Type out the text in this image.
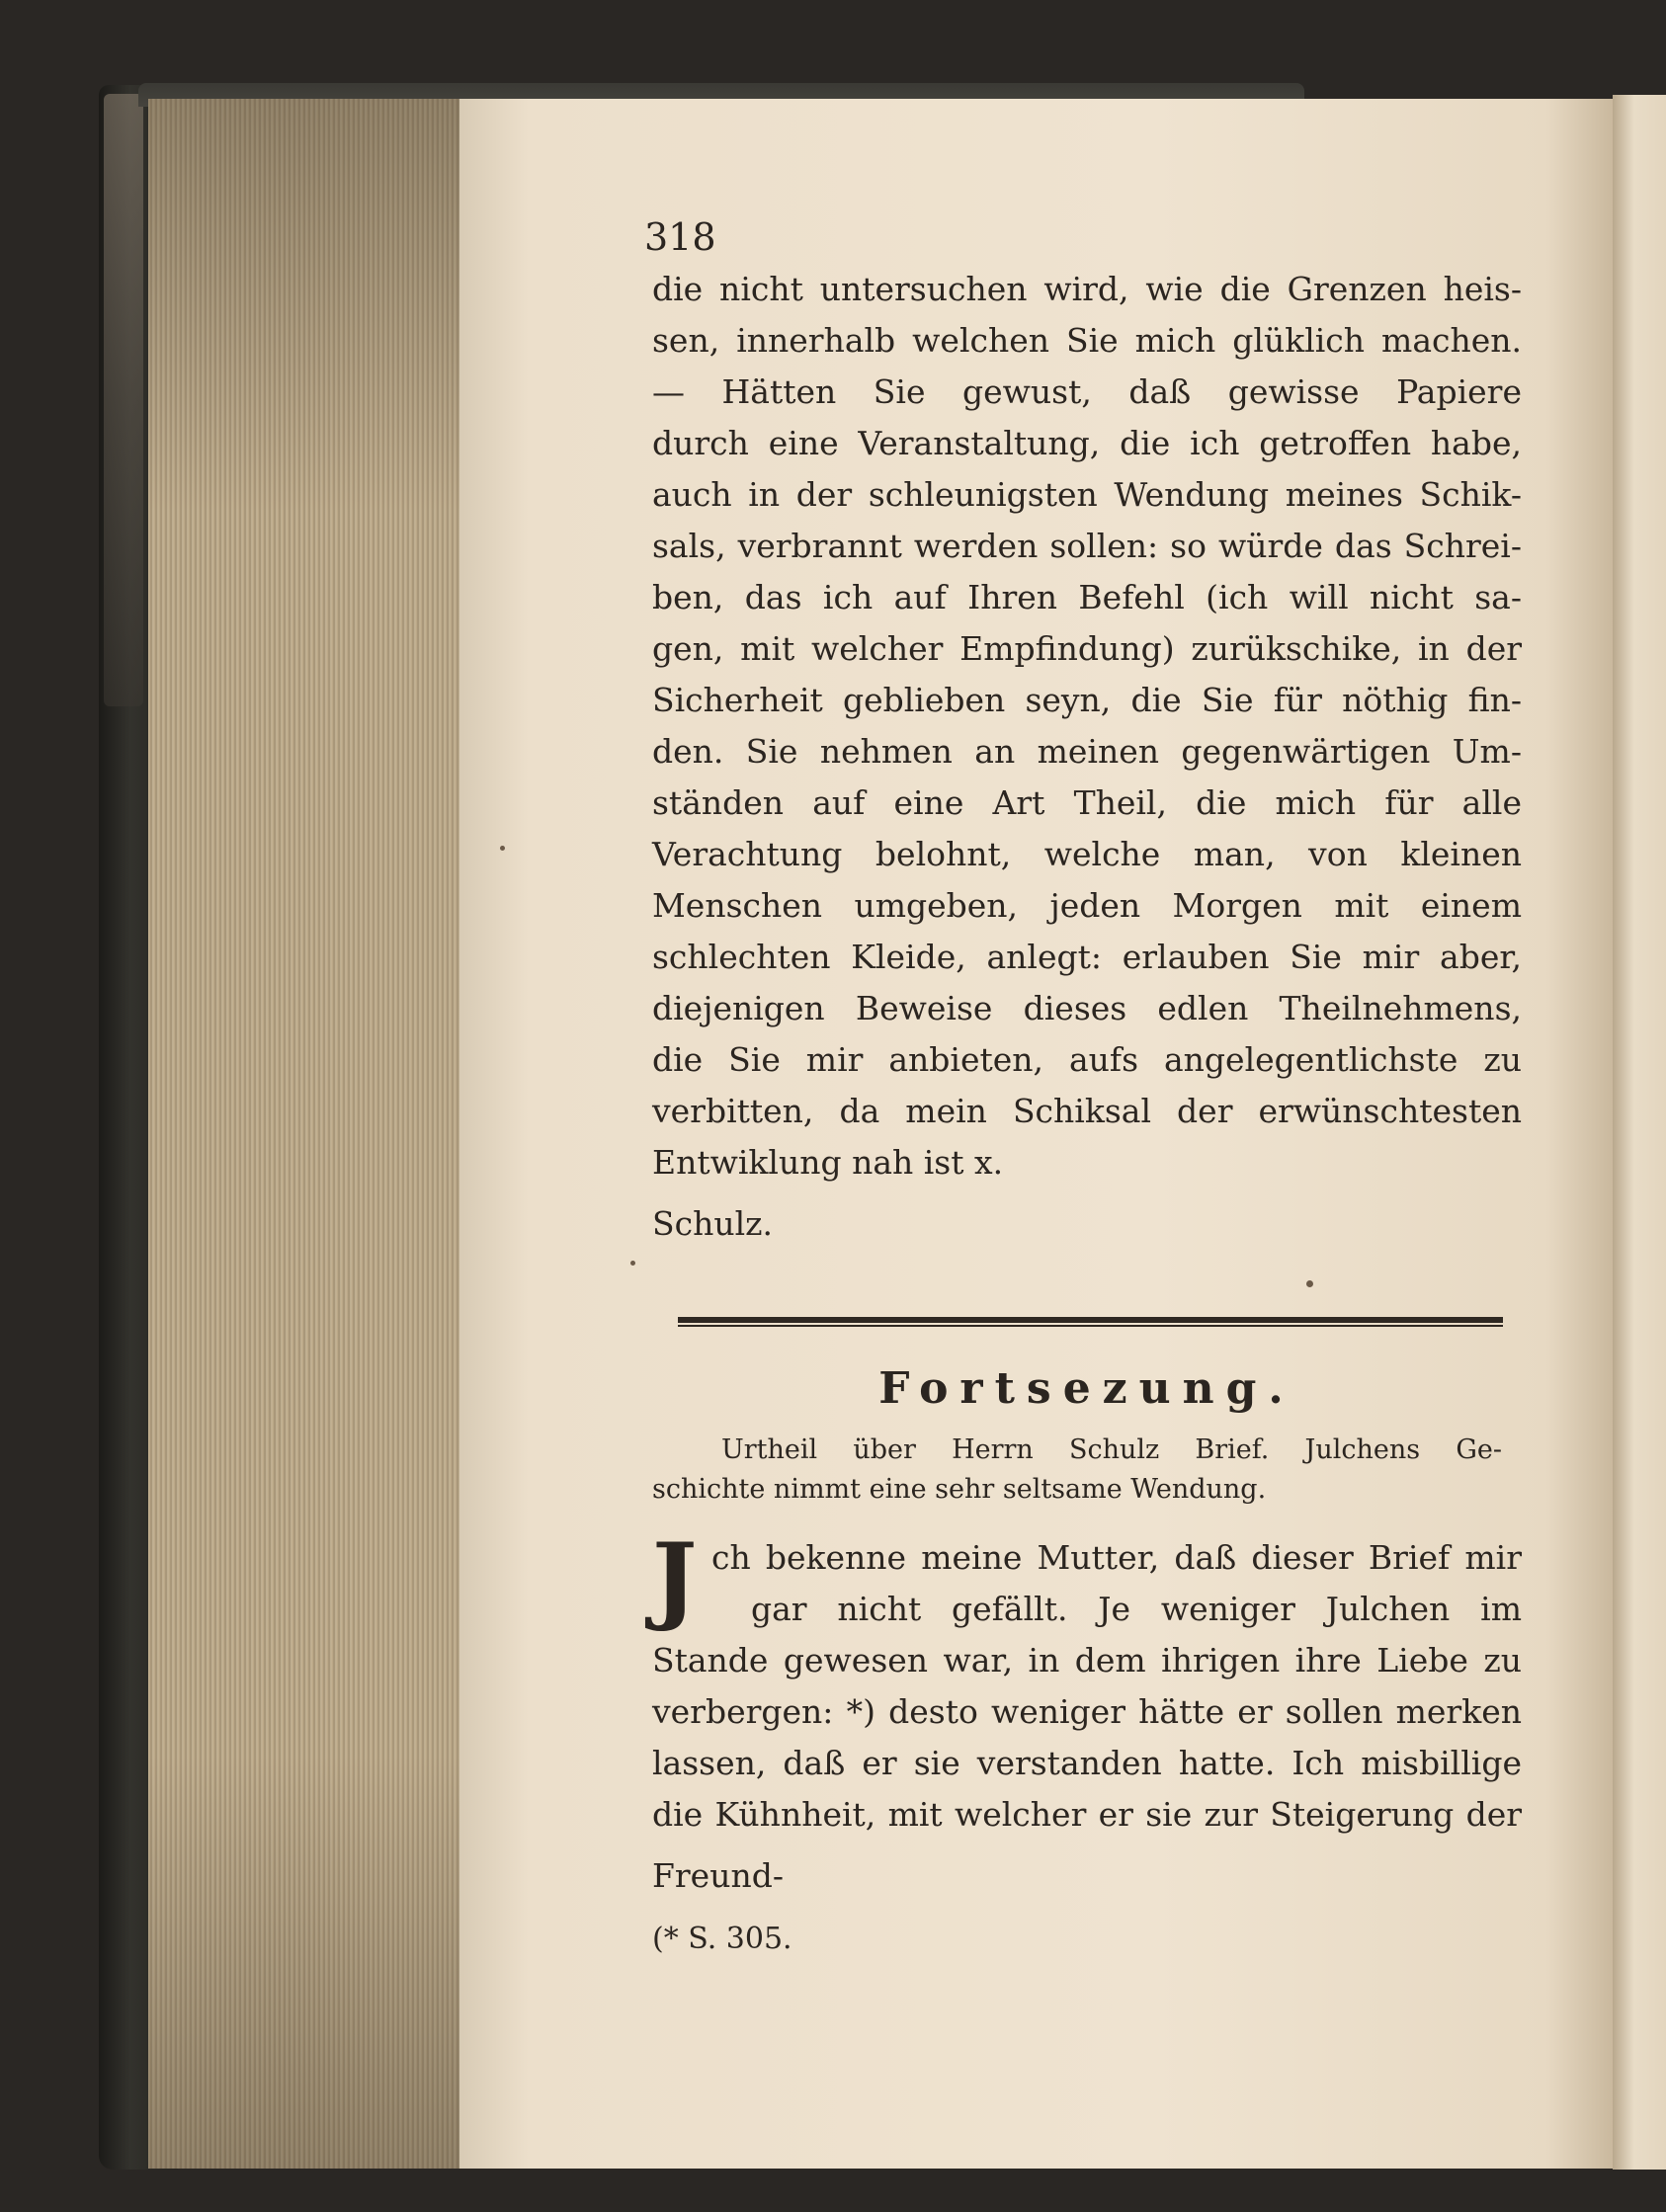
318
die nicht untersuchen wird, wie die Grenzen heis-
sen, innerhalb welchen Sie mich glüklich machen.
— Hätten Sie gewust, daß gewisse Papiere
durch eine Veranstaltung, die ich getroffen habe,
auch in der schleunigsten Wendung meines Schik-
sals, verbrannt werden sollen: so würde das Schrei-
ben, das ich auf Ihren Befehl (ich will nicht sa-
gen, mit welcher Empfindung) zurükschike, in der
Sicherheit geblieben seyn, die Sie für nöthig fin-
den. Sie nehmen an meinen gegenwärtigen Um-
ständen auf eine Art Theil, die mich für alle
Verachtung belohnt, welche man, von kleinen
Menschen umgeben, jeden Morgen mit einem
schlechten Kleide, anlegt: erlauben Sie mir aber,
diejenigen Beweise dieses edlen Theilnehmens,
die Sie mir anbieten, aufs angelegentlichste zu
verbitten, da mein Schiksal der erwünschtesten
Entwiklung nah ist x.
Schulz.
Fortsezung.
Urtheil über Herrn Schulz Brief. Julchens Ge-
schichte nimmt eine sehr seltsame Wendung.
J ch bekenne meine Mutter, daß dieser Brief mir
gar nicht gefällt. Je weniger Julchen im
Stande gewesen war, in dem ihrigen ihre Liebe zu
verbergen: *) desto weniger hätte er sollen merken
lassen, daß er sie verstanden hatte. Ich misbillige
die Kühnheit, mit welcher er sie zur Steigerung der
Freund-
(* S. 305.
